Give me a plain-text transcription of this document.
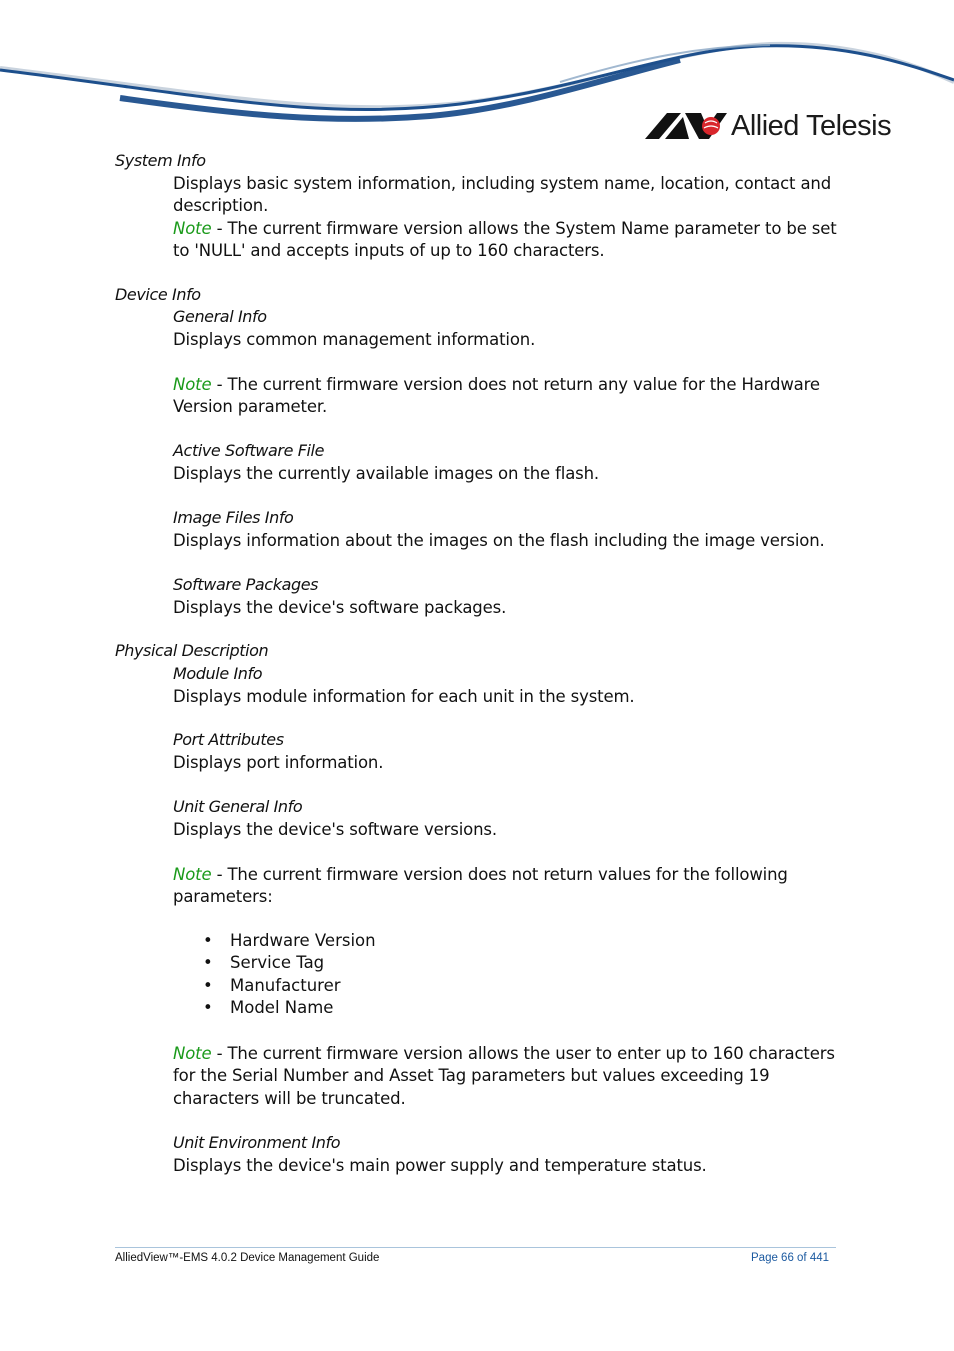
Allied Telesis
System Info
Displays basic system information, including system name, location, contact and description.
Note - The current firmware version allows the System Name parameter to be set to 'NULL' and accepts inputs of up to 160 characters.
Device Info
General Info
Displays common management information.
Note - The current firmware version does not return any value for the Hardware Version parameter.
Active Software File
Displays the currently available images on the flash.
Image Files Info
Displays information about the images on the flash including the image version.
Software Packages
Displays the device's software packages.
Physical Description
Module Info
Displays module information for each unit in the system.
Port Attributes
Displays port information.
Unit General Info
Displays the device's software versions.
Note - The current firmware version does not return values for the following parameters:
• Hardware Version
• Service Tag
• Manufacturer
• Model Name
Note - The current firmware version allows the user to enter up to 160 characters for the Serial Number and Asset Tag parameters but values exceeding 19 characters will be truncated.
Unit Environment Info
Displays the device's main power supply and temperature status.
AlliedView™-EMS 4.0.2 Device Management Guide	Page 66 of 441
